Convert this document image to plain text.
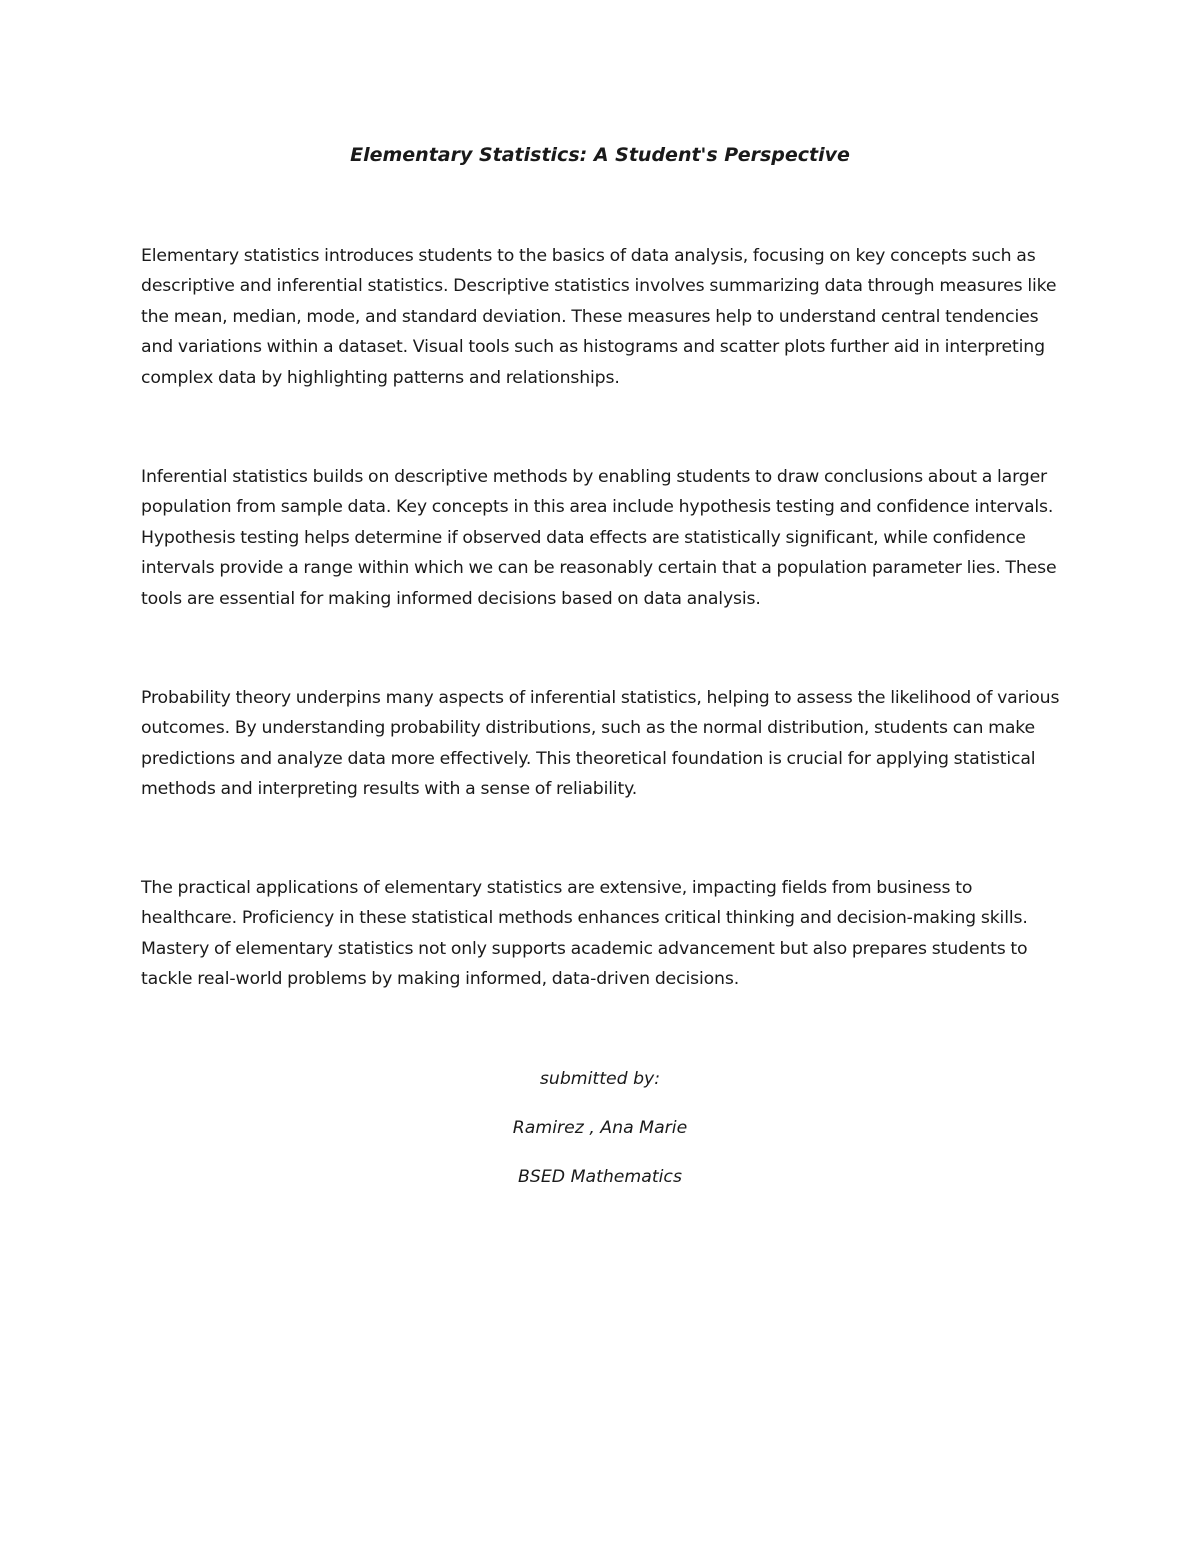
Elementary Statistics: A Student's Perspective

Elementary statistics introduces students to the basics of data analysis, focusing on key concepts such as descriptive and inferential statistics. Descriptive statistics involves summarizing data through measures like the mean, median, mode, and standard deviation. These measures help to understand central tendencies and variations within a dataset. Visual tools such as histograms and scatter plots further aid in interpreting complex data by highlighting patterns and relationships.

Inferential statistics builds on descriptive methods by enabling students to draw conclusions about a larger population from sample data. Key concepts in this area include hypothesis testing and confidence intervals. Hypothesis testing helps determine if observed data effects are statistically significant, while confidence intervals provide a range within which we can be reasonably certain that a population parameter lies. These tools are essential for making informed decisions based on data analysis.

Probability theory underpins many aspects of inferential statistics, helping to assess the likelihood of various outcomes. By understanding probability distributions, such as the normal distribution, students can make predictions and analyze data more effectively. This theoretical foundation is crucial for applying statistical methods and interpreting results with a sense of reliability.

The practical applications of elementary statistics are extensive, impacting fields from business to healthcare. Proficiency in these statistical methods enhances critical thinking and decision-making skills. Mastery of elementary statistics not only supports academic advancement but also prepares students to tackle real-world problems by making informed, data-driven decisions.

submitted by:

Ramirez , Ana Marie

BSED Mathematics
